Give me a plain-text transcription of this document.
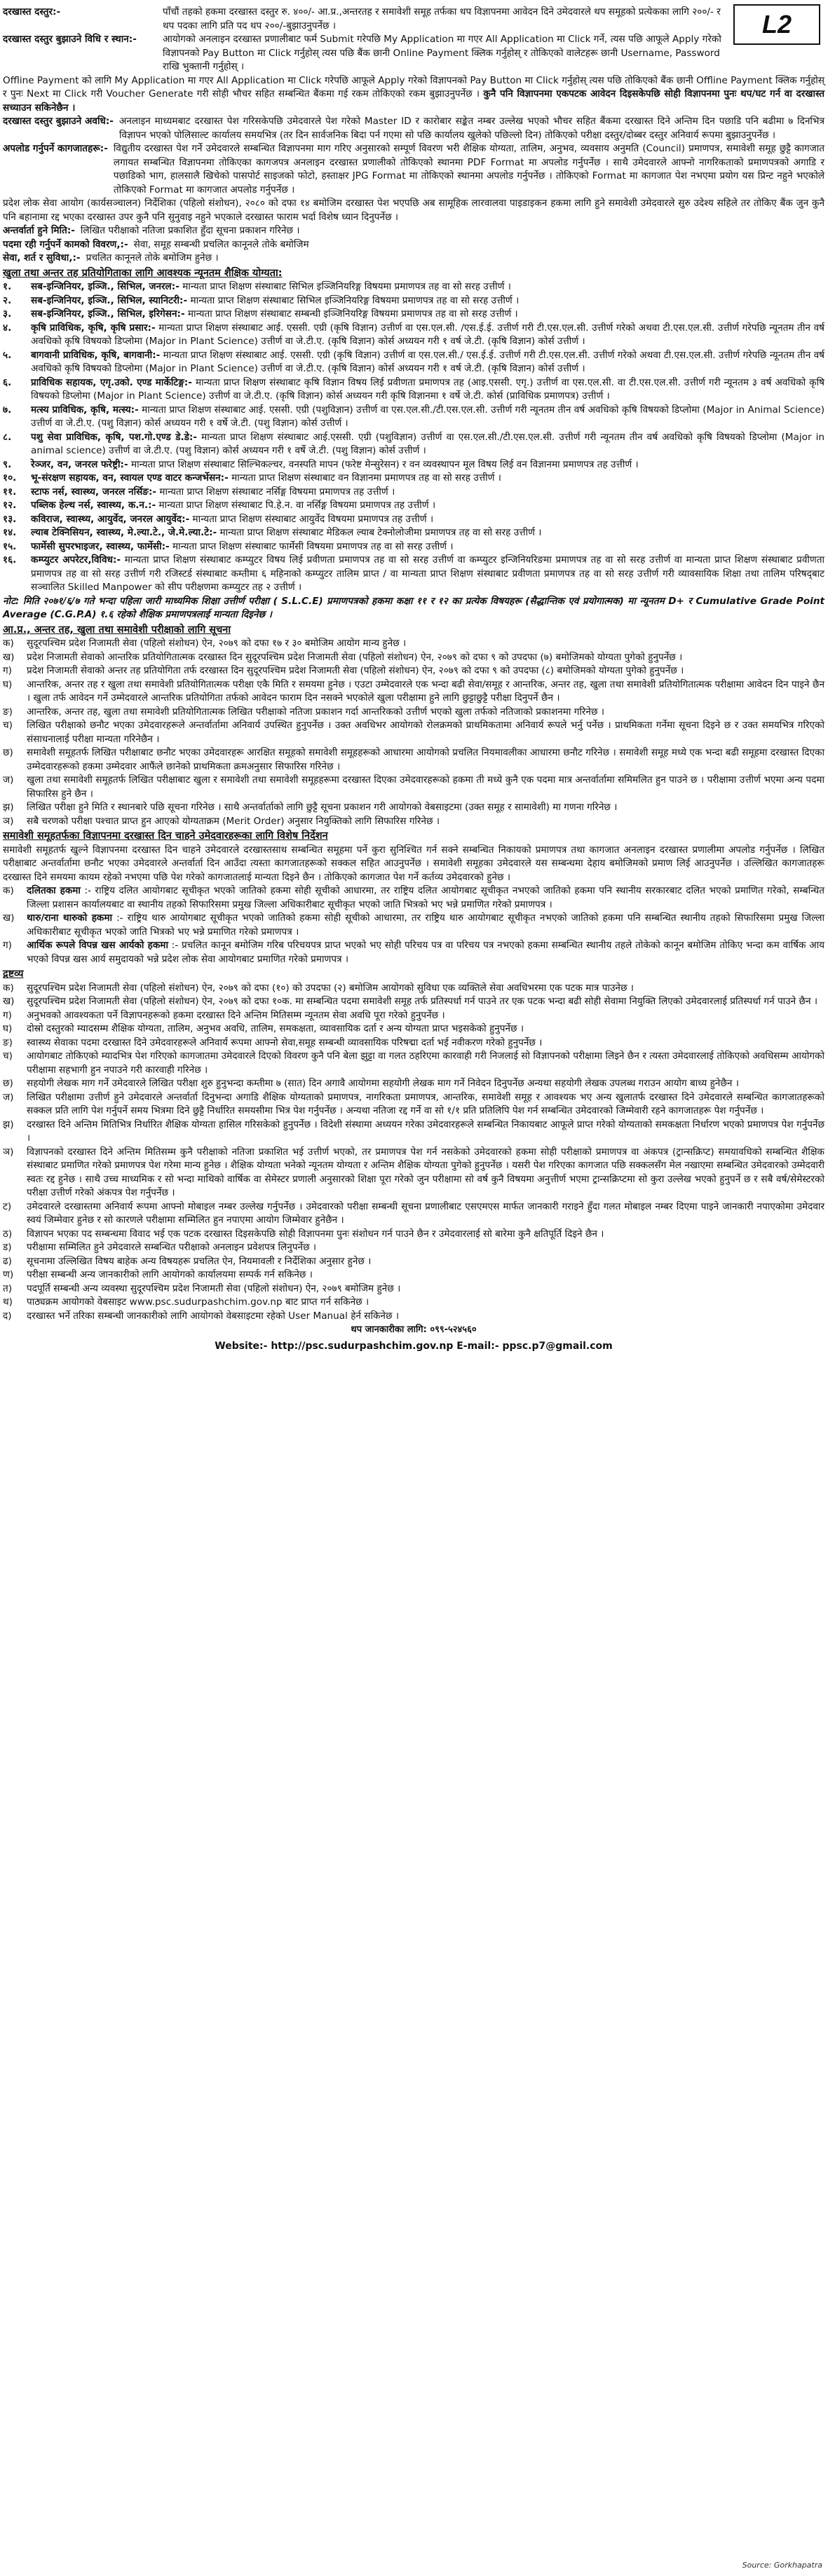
L2
दरखास्त दस्तुर:-	पाँचौं तहको हकमा दरखास्त दस्तुर रु. ४००/- आ.प्र.,अन्तरतह र समावेशी समूह तर्फका थप विज्ञापनमा आवेदन दिने उमेदवारले थप समूहको प्रत्येकका लागि २००/- र थप पदका लागि प्रति पद थप २००/-बुझाउनुपर्नेछ ।
दरखास्त दस्तुर बुझाउने विधि र स्थान:-	आयोगको अनलाइन दरखास्त प्रणालीबाट फर्म Submit गरेपछि My Application मा गएर All Application मा Click गर्ने, त्यस पछि आफूले Apply गरेको विज्ञापनको Pay Button मा Click गर्नुहोस् त्यस पछि बैंक छानी Online Payment क्लिक गर्नुहोस् र तोकिएको वालेटहरू छानी Username, Password राखि भुक्तानी गर्नुहोस् ।

Offline Payment को लागि My Application मा गएर All Application मा Click गरेपछि आफूले Apply गरेको विज्ञापनको Pay Button मा Click गर्नुहोस् त्यस पछि तोकिएको बैंक छानी Offline Payment क्लिक गर्नुहोस् र पुनः Next मा Click गरी Voucher Generate गरी सोही भौचर सहित सम्बन्धित बैंकमा गई रकम तोकिएको रकम बुझाउनुपर्नेछ । कुनै पनि विज्ञापनमा एकपटक आवेदन दिइसकेपछि सोही विज्ञापनमा पुनः थप/घट गर्न वा दरखास्त सच्याउन सकिनेछैन ।

दरखास्त दस्तुर बुझाउने अवधि:- अनलाइन माध्यमबाट दरखास्त पेश गरिसकेपछि उमेदवारले पेश गरेको Master ID र कारोबार सङ्केत नम्बर उल्लेख भएको भौचर सहित बैंकमा दरखास्त दिने अन्तिम दिन पछाडि पनि बढीमा ७ दिनभित्र विज्ञापन भएको पोलिसाल्ट कार्यालय समयभित्र (तर दिन सार्वजनिक बिदा पर्न गएमा सो पछि कार्यालय खुलेको पछिल्लो दिन) तोकिएको परीक्षा दस्तुर/दोब्बर दस्तुर अनिवार्य रूपमा बुझाउनुपर्नेछ ।
अपलोड गर्नुपर्ने कागजातहरू:- विद्युतीय दरखास्त पेश गर्ने उमेदवारले सम्बन्धित विज्ञापनमा माग गरिए अनुसारको सम्पूर्ण विवरण भरी शैक्षिक योग्यता, तालिम, अनुभव, व्यवसाय अनुमति (Council) प्रमाणपत्र, समावेशी समूह छुट्टै कागजात लगायत सम्बन्धित विज्ञापनमा तोकिएका कागजपत्र अनलाइन दरखास्त प्रणालीको तोकिएको स्थानमा PDF Format मा अपलोड गर्नुपर्नेछ । साथै उमेदवारले आफ्नो नागरिकताको प्रमाणपत्रको अगाडि र पछाडिको भाग, हालसालै खिचेको पासपोर्ट साइजको फोटो, हस्ताक्षर JPG Format मा तोकिएको स्थानमा अपलोड गर्नुपर्नेछ । तोकिएको Format मा कागजात पेश नभएमा प्रयोग यस प्रिन्ट नहुने भएकोले तोकिएको Format मा कागजात अपलोड गर्नुपर्नेछ ।

प्रदेश लोक सेवा आयोग (कार्यसञ्चालन) निर्देशिका (पहिलो संशोधन), २०८० को दफा १४ बमोजिम दरखास्त पेश भएपछि अब सामूहिक लारवालवा पाइडाइकन हकमा लागि हुने समावेशी उमेदवारले सुरु उदेश्य सहिले तर तोकिए बैंक जुन कुनै पनि बहानामा रद्द भएका दरखास्त उपर कुनै पनि सुनुवाइ नहुने भएकाले दरखास्त फाराम भर्दा विशेष ध्यान दिनुपर्नेछ ।

अन्तर्वार्ता हुने मिति:- लिखित परीक्षाको नतिजा प्रकाशित हुँदा सूचना प्रकाशन गरिनेछ ।
पदमा रही गर्नुपर्ने कामको विवरण,:- सेवा, समूह सम्बन्धी प्रचलित कानूनले तोके बमोजिम
सेवा, शर्त र सुविधा,:- प्रचलित कानूनले तोके बमोजिम हुनेछ ।
खुला तथा अन्तर तह प्रतियोगिताका लागि आवश्यक न्यूनतम शैक्षिक योग्यता:
१.	सब-इन्जिनियर, इञ्जि., सिभिल, जनरल:- मान्यता प्राप्त शिक्षण संस्थाबाट सिभिल इञ्जिनियरिङ्ग विषयमा प्रमाणपत्र तह वा सो सरह उत्तीर्ण ।
२.	सब-इन्जिनियर, इञ्जि., सिभिल, स्यानिटरी:- मान्यता प्राप्त शिक्षण संस्थाबाट सिभिल इञ्जिनियरिङ्ग विषयमा प्रमाणपत्र तह वा सो सरह उत्तीर्ण ।
३.	सब-इन्जिनियर, इञ्जि., सिभिल, इरिगेसन:- मान्यता प्राप्त शिक्षण संस्थाबाट सम्बन्धी इञ्जिनियरिङ्ग विषयमा प्रमाणपत्र तह वा सो सरह उत्तीर्ण ।
४.	कृषि प्राविधिक, कृषि, कृषि प्रसार:- मान्यता प्राप्त शिक्षण संस्थाबाट आई. एससी. एग्री (कृषि विज्ञान) उत्तीर्ण वा एस.एल.सी. /एस.ई.ई. उत्तीर्ण गरी टी.एस.एल.सी. उत्तीर्ण गरेको अथवा टी.एस.एल.सी. उत्तीर्ण गरेपछि न्यूनतम तीन वर्ष अवधिको कृषि विषयको डिप्लोमा (Major in Plant Science) उत्तीर्ण वा जे.टी.ए. (कृषि विज्ञान) कोर्स अध्ययन गरी १ वर्ष जे.टी. (कृषि विज्ञान) कोर्स उत्तीर्ण ।
५.	बागवानी प्राविधिक, कृषि, बागवानी:- मान्यता प्राप्त शिक्षण संस्थाबाट आई. एससी. एग्री (कृषि विज्ञान) उत्तीर्ण वा एस.एल.सी./ एस.ई.ई. उत्तीर्ण गरी टी.एस.एल.सी. उत्तीर्ण गरेको अथवा टी.एस.एल.सी. उत्तीर्ण गरेपछि न्यूनतम तीन वर्ष अवधिको कृषि विषयको डिप्लोमा (Major in Plant Science) उत्तीर्ण वा जे.टी.ए. (कृषि विज्ञान) कोर्स अध्ययन गरी १ वर्ष जे.टी. (कृषि विज्ञान) कोर्स उत्तीर्ण ।
६.	प्राविधिक सहायक, एगृ.उको. एण्ड मार्केटिङ्ग:- मान्यता प्राप्त शिक्षण संस्थाबाट कृषि विज्ञान विषय लिई प्रवीणता प्रमाणपत्र तह (आइ.एससी. एगृ.) उत्तीर्ण वा एस.एल.सी. वा टी.एस.एल.सी. उत्तीर्ण गरी न्यूनतम ३ वर्ष अवधिको कृषि विषयको डिप्लोमा (Major in Plant Science) उत्तीर्ण वा जे.टी.ए. (कृषि विज्ञान) कोर्स अध्ययन गरी कृषि विज्ञानमा १ वर्षे जे.टी. कोर्स (प्राविधिक प्रमाणपत्र) उत्तीर्ण ।
७.	मत्स्य प्राविधिक, कृषि, मत्स्य:- मान्यता प्राप्त शिक्षण संस्थाबाट आई. एससी. एग्री (पशुविज्ञान) उत्तीर्ण वा एस.एल.सी./टी.एस.एल.सी. उत्तीर्ण गरी न्यूनतम तीन वर्ष अवधिको कृषि विषयको डिप्लोमा (Major in Animal Science) उत्तीर्ण वा जे.टी.ए. (पशु विज्ञान) कोर्स अध्ययन गरी १ वर्षे जे.टी. (पशु विज्ञान) कोर्स उत्तीर्ण ।
८.	पशु सेवा प्राविधिक, कृषि, पश.गो.एण्ड डे.डे:- मान्यता प्राप्त शिक्षण संस्थाबाट आई.एससी. एग्री (पशुविज्ञान) उत्तीर्ण वा एस.एल.सी./टी.एस.एल.सी. उत्तीर्ण गरी न्यूनतम तीन वर्ष अवधिको कृषि विषयको डिप्लोमा (Major in animal science) उत्तीर्ण वा जे.टी.ए. (पशु विज्ञान) कोर्स अध्ययन गरी १ वर्षे जे.टी. (पशु विज्ञान) कोर्स उत्तीर्ण ।
९.	रेञ्जर, वन, जनरल फरेष्ट्री:- मान्यता प्राप्त शिक्षण संस्थाबाट सिल्भिकल्चर, वनस्पति मापन (फरेष्ट मेन्सुरेसन) र वन व्यवस्थापन मूल विषय लिई वन विज्ञानमा प्रमाणपत्र तह उत्तीर्ण ।
१०.	भू-संरक्षण सहायक, वन, स्वायल एण्ड वाटर कन्जर्भेसन:- मान्यता प्राप्त शिक्षण संस्थाबाट वन विज्ञानमा प्रमाणपत्र तह वा सो सरह उत्तीर्ण ।
११.	स्टाफ नर्स, स्वास्थ्य, जनरल नर्सिङ:- मान्यता प्राप्त शिक्षण संस्थाबाट नर्सिङ्ग विषयमा प्रमाणपत्र तह उत्तीर्ण ।
१२.	पब्लिक हेल्थ नर्स, स्वास्थ्य, क.न.:- मान्यता प्राप्त शिक्षण संस्थाबाट पि.हे.न. वा नर्सिङ्ग विषयमा प्रमाणपत्र तह उत्तीर्ण ।
१३.	कविराज, स्वास्थ्य, आयुर्वेद, जनरल आयुर्वेद:- मान्यता प्राप्त शिक्षण संस्थाबाट आयुर्वेद विषयमा प्रमाणपत्र तह उत्तीर्ण ।
१४.	ल्याब टेक्निसियन, स्वास्थ्य, मे.ल्या.टे., जे.मे.ल्या.टे:- मान्यता प्राप्त शिक्षण संस्थाबाट मेडिकल ल्याब टेक्नोलोजीमा प्रमाणपत्र तह वा सो सरह उत्तीर्ण ।
१५.	फार्मेसी सुपरभाइजर, स्वास्थ्य, फार्मेसी:- मान्यता प्राप्त शिक्षण संस्थाबाट फार्मेसी विषयमा प्रमाणपत्र तह वा सो सरह उत्तीर्ण ।
१६.	कम्प्युटर अपरेटर,विविध:- मान्यता प्राप्त शिक्षण संस्थाबाट कम्प्युटर विषय लिई प्रवीणता प्रमाणपत्र तह वा सो सरह उत्तीर्ण वा कम्प्युटर इन्जिनियरिङमा प्रमाणपत्र तह वा सो सरह उत्तीर्ण वा मान्यता प्राप्त शिक्षण संस्थाबाट प्रवीणता प्रमाणपत्र तह वा सो सरह उत्तीर्ण गरी रजिस्टर्ड संस्थाबाट कम्तीमा ६ महिनाको कम्प्युटर तालिम प्राप्त / वा मान्यता प्राप्त शिक्षण संस्थाबाट प्रवीणता प्रमाणपत्र तह वा सो सरह उत्तीर्ण गरी व्यावसायिक शिक्षा तथा तालिम परिषद्‌बाट सञ्चालित Skilled Manpower को सीप परीक्षणमा कम्प्युटर तह २ उत्तीर्ण ।

नोट: मिति २०७१/६/७ गते भन्दा पहिला जारी माध्यमिक शिक्षा उत्तीर्ण परीक्षा ( S.L.C.E) प्रमाणपत्रको हकमा कक्षा ११ र १२ का प्रत्येक विषयहरू (सैद्धान्तिक एवं प्रयोगात्मक) मा न्यूनतम D+ र Cumulative Grade Point Average (C.G.P.A) १.६ रहेको शैक्षिक प्रमाणपत्रलाई मान्यता दिइनेछ ।

आ.प्र., अन्तर तह, खुला तथा समावेशी परीक्षाको लागि सूचना
क)	सुदूरपश्चिम प्रदेश निजामती सेवा (पहिलो संशोधन) ऐन, २०७९ को दफा १७ र ३० बमोजिम आयोग मान्य हुनेछ ।
ख)	प्रदेश निजामती सेवाको आन्तरिक प्रतियोगितात्मक दरखास्त दिन सुदूरपश्चिम प्रदेश निजामती सेवा (पहिलो संशोधन) ऐन, २०७९ को दफा ९ को उपदफा (७) बमोजिमको योग्यता पुगेको हुनुपर्नेछ ।
ग)	प्रदेश निजामती सेवाको अन्तर तह प्रतियोगिता तर्फ दरखास्त दिन सुदूरपश्चिम प्रदेश निजामती सेवा (पहिलो संशोधन) ऐन, २०७९ को दफा ९ को उपदफा (८) बमोजिमको योग्यता पुगेको हुनुपर्नेछ ।
घ)	आन्तरिक, अन्तर तह र खुला तथा समावेशी प्रतियोगितात्मक परीक्षा एकै मिति र समयमा हुनेछ । एउटा उम्मेदवारले एक भन्दा बढी सेवा/समूह र आन्तरिक, अन्तर तह, खुला तथा समावेशी प्रतियोगितात्मक परीक्षामा आवेदन दिन पाइने छैन । खुला तर्फ आवेदन गर्ने उम्मेदवारले आन्तरिक प्रतियोगिता तर्फको आवेदन फाराम दिन नसक्ने भएकोले खुला परीक्षामा हुने लागि छुट्टाछुट्टै परीक्षा दिनुपर्ने छैन ।
ङ)	आन्तरिक, अन्तर तह, खुला तथा समावेशी प्रतियोगितात्मक लिखित परीक्षाको नतिजा प्रकाशन गर्दा आन्तरिकको उत्तीर्ण भएको खुला तर्फको नतिजाको प्रकाशनमा गरिनेछ ।
च)	लिखित परीक्षाको छनौट भएका उमेदवारहरूले अन्तर्वार्तामा अनिवार्य उपस्थित हुनुपर्नेछ । उक्त अवधिभर आयोगको रोलक्रमको प्राथमिकतामा अनिवार्य रूपले भर्नु पर्नेछ । प्राथमिकता गर्नेमा सूचना दिइने छ र उक्त समयभित्र गरिएको संसाधनालाई परीक्षा मान्यता गरिनेछैन ।
छ)	समावेशी समूहतर्फ लिखित परीक्षाबाट छनौट भएका उमेदवारहरू आरक्षित समूहको समावेशी समूहहरूको आधारमा आयोगको प्रचलित नियमावलीका आधारमा छनौट गरिनेछ । समावेशी समूह मध्ये एक भन्दा बढी समूहमा दरखास्त दिएका उम्मेदवारहरूको हकमा उम्मेदवार आफैंले छानेको प्राथमिकता क्रमअनुसार सिफारिस गरिनेछ ।
ज)	खुला तथा समावेशी समूहतर्फ लिखित परीक्षाबाट खुला र समावेशी तथा समावेशी समूहहरूमा दरखास्त दिएका उमेदवारहरूको हकमा ती मध्ये कुनै एक पदमा मात्र अन्तर्वार्तामा समिमलित हुन पाउने छ । परीक्षामा उत्तीर्ण भएमा अन्य पदमा सिफारिस हुने छैन ।
झ)	लिखित परीक्षा हुने मिति र स्थानबारे पछि सूचना गरिनेछ । साथै अन्तर्वार्ताको लागि छुट्टै सूचना प्रकाशन गरी आयोगको वेबसाइटमा (उक्त समूह र सामावेशी) मा गणना गरिनेछ ।
ञ)	सबै चरणको परीक्षा पश्चात प्राप्त हुन आएको योग्यताक्रम (Merit Order) अनुसार नियुक्तिको लागि सिफारिस गरिनेछ ।
समावेशी समूहतर्फका विज्ञापनमा दरखास्त दिन चाहने उमेदवारहरूका लागि विशेष निर्देशन

समावेशी समूहतर्फ खुल्ने विज्ञापनमा दरखास्त दिन चाहने उमेदवारले दरखास्तसाथ सम्बन्धित समूहमा पर्ने कुरा सुनिश्चित गर्न सक्ने सम्बन्धित निकायको प्रमाणपत्र तथा कागजात अनलाइन दरखास्त प्रणालीमा अपलोड गर्नुपर्नेछ । लिखित परीक्षाबाट अन्तर्वार्तामा छनौट भएका उमेदवारले अन्तर्वार्ता दिन आउँदा त्यस्ता कागजातहरूको सक्कल सहित आउनुपर्नेछ । समावेशी समूहका उमेदवारले यस सम्बन्धमा देहाय बमोजिमको प्रमाण लिई आउनुपर्नेछ । उल्लिखित कागजातहरू दरखास्त दिने समयमा कायम रहेको नभएमा पछि पेश गरेको कागजातलाई मान्यता दिइने छैन । तोकिएको कागजात पेश गर्ने कर्तव्य उमेदवारको हुनेछ ।

क)	दलितका हकमा :- राष्ट्रिय दलित आयोगबाट सूचीकृत भएको जातिको हकमा सोही सूचीको आधारमा, तर राष्ट्रिय दलित आयोगबाट सूचीकृत नभएको जातिको हकमा पनि स्थानीय सरकारबाट दलित भएको प्रमाणित गरेको, सम्बन्धित जिल्ला प्रशासन कार्यालयबाट वा स्थानीय तहको सिफारिसमा प्रमुख जिल्ला अधिकारीबाट सूचीकृत भएको जाति भित्रको भए भन्ने प्रमाणित गरेको प्रमाणपत्र ।
ख)	थारु/राना थारुको हकमा :- राष्ट्रिय थारु आयोगबाट सूचीकृत भएको जातिको हकमा सोही सूचीको आधारमा, तर राष्ट्रिय थारु आयोगबाट सूचीकृत नभएको जातिको हकमा पनि सम्बन्धित स्थानीय तहको सिफारिसमा प्रमुख जिल्ला अधिकारीबाट सूचीकृत भएको जाति भित्रको भए भन्ने प्रमाणित गरेको प्रमाणपत्र ।
ग)	आर्थिक रूपले विपन्न खस आर्यको हकमा :- प्रचलित कानून बमोजिम गरिब परिचयपत्र प्राप्त भएको भए सोही परिचय पत्र वा परिचय पत्र नभएको हकमा सम्बन्धित स्थानीय तहले तोकेको कानून बमोजिम तोकिए भन्दा कम वार्षिक आय भएको विपन्न खस आर्य समुदायको भन्ने प्रदेश लोक सेवा आयोगबाट प्रमाणित गरेको प्रमाणपत्र ।
द्रष्टव्य
क)	सुदूरपश्चिम प्रदेश निजामती सेवा (पहिलो संशोधन) ऐन, २०७९ को दफा (१०) को उपदफा (२) बमोजिम आयोगको सुविधा एक व्यक्तिले सेवा अवधिभरमा एक पटक मात्र पाउनेछ ।
ख)	सुदूरपश्चिम प्रदेश निजामती सेवा (पहिलो संशोधन) ऐन, २०७९ को दफा १०क. मा सम्बन्धित पदमा समावेशी समूह तर्फ प्रतिस्पर्धा गर्न पाउने तर एक पटक भन्दा बढी सोही सेवामा नियुक्ति लिएको उमेदवारलाई प्रतिस्पर्धा गर्न पाउने छैन ।
ग)	अनुभवको आवश्यकता पर्ने विज्ञापनहरूको हकमा दरखास्त दिने अन्तिम मितिसम्म न्यूनतम सेवा अवधि पूरा गरेको हुनुपर्नेछ ।
घ)	दोस्रो दस्तुरको म्यादसम्म शैक्षिक योग्यता, तालिम, अनुभव अवधि, तालिम, समकक्षता, व्यावसायिक दर्ता र अन्य योग्यता प्राप्त भइसकेको हुनुपर्नेछ ।
ङ)	स्वास्थ्य सेवाका पदमा दरखास्त दिने उमेदवारहरूले अनिवार्य रूपमा आफ्नो सेवा,समूह सम्बन्धी व्यावसायिक परिषद्मा दर्ता भई नवीकरण गरेको हुनुपर्नेछ ।
च)	आयोगबाट तोकिएको म्यादभित्र पेश गरिएको कागजातमा उमेदवारले दिएको विवरण कुनै पनि बेला झुट्टा वा गलत ठहरिएमा कारवाही गरी निजलाई सो विज्ञापनको परीक्षामा लिइने छैन र त्यस्ता उमेदवारलाई तोकिएको अवधिसम्म आयोगको परीक्षामा सहभागी हुन नपाउने गरी कारवाही गरिनेछ ।
छ)	सहयोगी लेखक माग गर्ने उमेदवारले लिखित परीक्षा शुरु हुनुभन्दा कम्तीमा ७ (सात) दिन अगावै आयोगमा सहयोगी लेखक माग गर्ने निवेदन दिनुपर्नेछ अन्यथा सहयोगी लेखक उपलब्ध गराउन आयोग बाध्य हुनेछैन ।
ज)	लिखित परीक्षामा उत्तीर्ण हुने उमेदवारले अन्तर्वार्ता दिनुभन्दा अगाडि शैक्षिक योग्यताको प्रमाणपत्र, नागरिकता प्रमाणपत्र, आन्तरिक, समावेशी समूह र आवश्यक भए अन्य खुलातर्फ दरखास्त दिने उमेदवारले सम्बन्धित कागजातहरूको सक्कल प्रति लागि पेश गर्नुपर्ने समय भित्रमा दिने छुट्टै निर्धारित समयसीमा भित्र पेश गर्नुपर्नेछ । अन्यथा नतिजा रद्द गर्ने वा सो १/१ प्रति प्रतिलिपि पेश गर्न सम्बन्धित उमेदवारको जिम्मेवारी रहने कागजातहरू पेश गर्नुपर्नेछ ।
झ)	दरखास्त दिने अन्तिम मितिभित्र निर्धारित शैक्षिक योग्यता हासिल गरिसकेको हुनुपर्नेछ । विदेशी संस्थामा अध्ययन गरेका उमेदवारहरूले सम्बन्धित निकायबाट आफूले प्राप्त गरेको योग्यताको समकक्षता निर्धारण भएको प्रमाणपत्र पेश गर्नुपर्नेछ ।
ञ)	विज्ञापनको दरखास्त दिने अन्तिम मितिसम्म कुनै परीक्षाको नतिजा प्रकाशित भई उत्तीर्ण भएको, तर प्रमाणपत्र पेश गर्न नसकेको उमेदवारको हकमा सोही परीक्षाको प्रमाणपत्र वा अंकपत्र (ट्रान्सक्रिप्ट) समयावधिको सम्बन्धित शैक्षिक संस्थाबाट प्रमाणित गरेको प्रमाणपत्र पेश गरेमा मान्य हुनेछ । शैक्षिक योग्यता भनेको न्यूनतम योग्यता र अन्तिम शैक्षिक योग्यता पुगेको हुनुपर्नेछ । यसरी पेश गरिएका कागजात पछि सक्कलसँग मेल नखाएमा सम्बन्धित उमेदवारको उम्मेदवारी स्वतः रद्द हुनेछ । साथै उच्च माध्यमिक र सो भन्दा माथिको वार्षिक वा सेमेस्टर प्रणाली अनुसारको शिक्षा पूरा गरेको जुन परीक्षामा सो वर्ष कुनै विषयमा अनुत्तीर्ण भएमा ट्रान्सक्रिप्टमा सो कुरा उल्लेख भएको हुनुपर्ने छ र सबै वर्ष/सेमेस्टरको परीक्षा उत्तीर्ण गरेको अंकपत्र पेश गर्नुपर्नेछ ।
ट)	उमेदवारले दरखास्तमा अनिवार्य रूपमा आफ्नो मोबाइल नम्बर उल्लेख गर्नुपर्नेछ । उमेदवारको परीक्षा सम्बन्धी सूचना प्रणालीबाट एसएमएस मार्फत जानकारी गराइने हुँदा गलत मोबाइल नम्बर दिएमा पाइने जानकारी नपाएकोमा उमेदवार स्वयं जिम्मेवार हुनेछ र सो कारणले परीक्षामा सम्मिलित हुन नपाएमा आयोग जिम्मेवार हुनेछैन ।
ठ)	विज्ञापन भएका पद सम्बन्धमा विवाद भई एक पटक दरखास्त दिइसकेपछि सोही विज्ञापनमा पुनः संशोधन गर्न पाउने छैन र उमेदवारलाई सो बारेमा कुनै क्षतिपूर्ति दिइने छैन ।
ड)	परीक्षामा सम्मिलित हुने उमेदवारले सम्बन्धित परीक्षाको अनलाइन प्रवेशपत्र लिनुपर्नेछ ।
ढ)	सूचनामा उल्लिखित विषय बाहेक अन्य विषयहरू प्रचलित ऐन, नियमावली र निर्देशिका अनुसार हुनेछ ।
ण)	परीक्षा सम्बन्धी अन्य जानकारीको लागि आयोगको कार्यालयमा सम्पर्क गर्न सकिनेछ ।
त)	पदपूर्ति सम्बन्धी अन्य व्यवस्था सुदूरपश्चिम प्रदेश निजामती सेवा (पहिलो संशोधन) ऐन, २०७९ बमोजिम हुनेछ ।
थ)	पाठ्यक्रम आयोगको वेबसाइट www.psc.sudurpashchim.gov.np बाट प्राप्त गर्न सकिनेछ ।
द)	दरखास्त भर्ने तरिका सम्बन्धी जानकारीको लागि आयोगको वेबसाइटमा रहेको User Manual हेर्न सकिनेछ ।
थप जानकारीका लागि: ०९९-५२४५६०
Website:- http://psc.sudurpashchim.gov.np E-mail:- ppsc.p7@gmail.com
Source: Gorkhapatra
